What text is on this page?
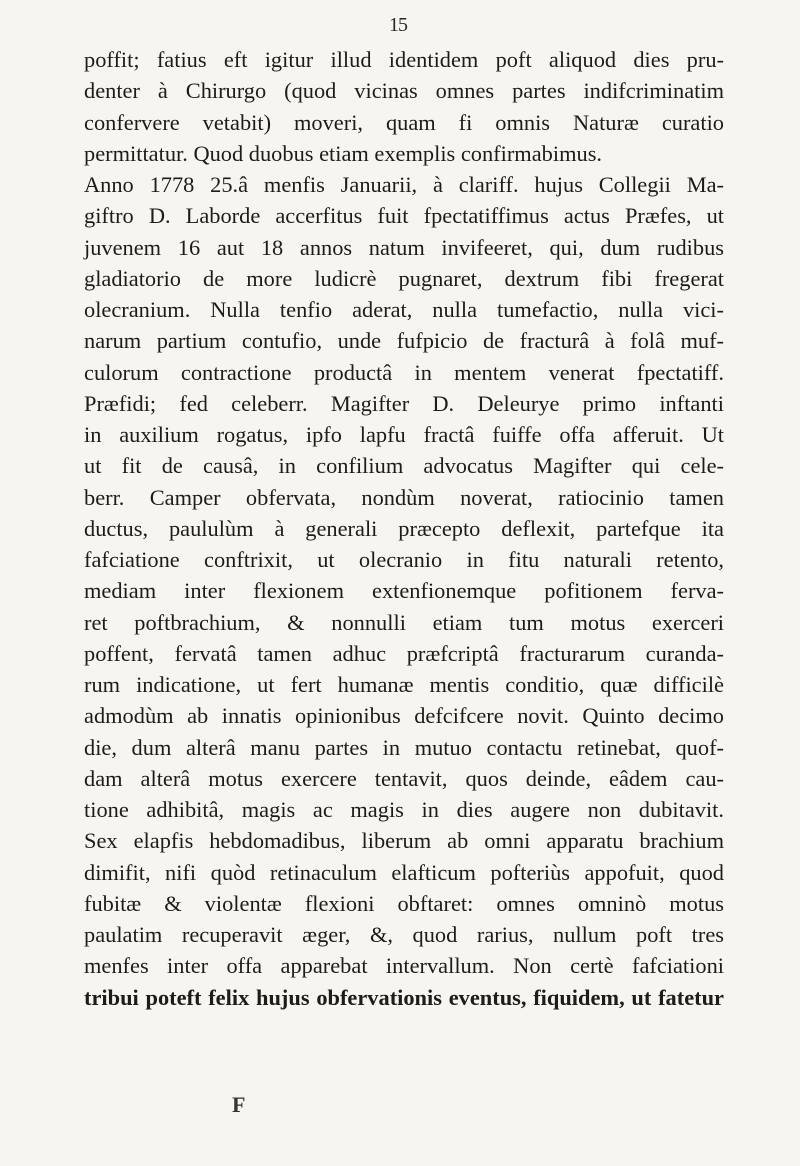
15
poffit; fatius eft igitur illud identidem poft aliquod dies pru-
denter à Chirurgo (quod vicinas omnes partes indifcriminatim
confervere vetabit) moveri, quam fi omnis Naturæ curatio
permittatur. Quod duobus etiam exemplis confirmabimus.
Anno 1778 25.â menfis Januarii, à clariff. hujus Collegii Ma-
giftro D. Laborde accerfitus fuit fpectatiffimus actus Præfes, ut
juvenem 16 aut 18 annos natum invifeeret, qui, dum rudibus
gladiatorio de more ludicrè pugnaret, dextrum fibi fregerat
olecranium. Nulla tenfio aderat, nulla tumefactio, nulla vici-
narum partium contufio, unde fufpicio de fracturâ à folâ muf-
culorum contractione productâ in mentem venerat fpectatiff.
Præfidi; fed celeberr. Magifter D. Deleurye primo inftanti
in auxilium rogatus, ipfo lapfu fractâ fuiffe offa afferuit. Ut
ut fit de causâ, in confilium advocatus Magifter qui cele-
berr. Camper obfervata, nondùm noverat, ratiocinio tamen
ductus, paululùm à generali præcepto deflexit, partefque ita
fafciatione conftrixit, ut olecranio in fitu naturali retento,
mediam inter flexionem extenfionemque pofitionem ferva-
ret poftbrachium, & nonnulli etiam tum motus exerceri
poffent, fervatâ tamen adhuc præfcriptâ fracturarum curanda-
rum indicatione, ut fert humanæ mentis conditio, quæ difficilè
admodùm ab innatis opinionibus defcifcere novit. Quinto decimo
die, dum alterâ manu partes in mutuo contactu retinebat, quof-
dam alterâ motus exercere tentavit, quos deinde, eâdem cau-
tione adhibitâ, magis ac magis in dies augere non dubitavit.
Sex elapfis hebdomadibus, liberum ab omni apparatu brachium
dimifit, nifi quòd retinaculum elafticum pofteriùs appofuit, quod
fubitæ & violentæ flexioni obftaret: omnes omninò motus
paulatim recuperavit æger, &, quod rarius, nullum poft tres
menfes inter offa apparebat intervallum. Non certè fafciationi
tribui poteft felix hujus obfervationis eventus, fiquidem, ut fatetur
F
